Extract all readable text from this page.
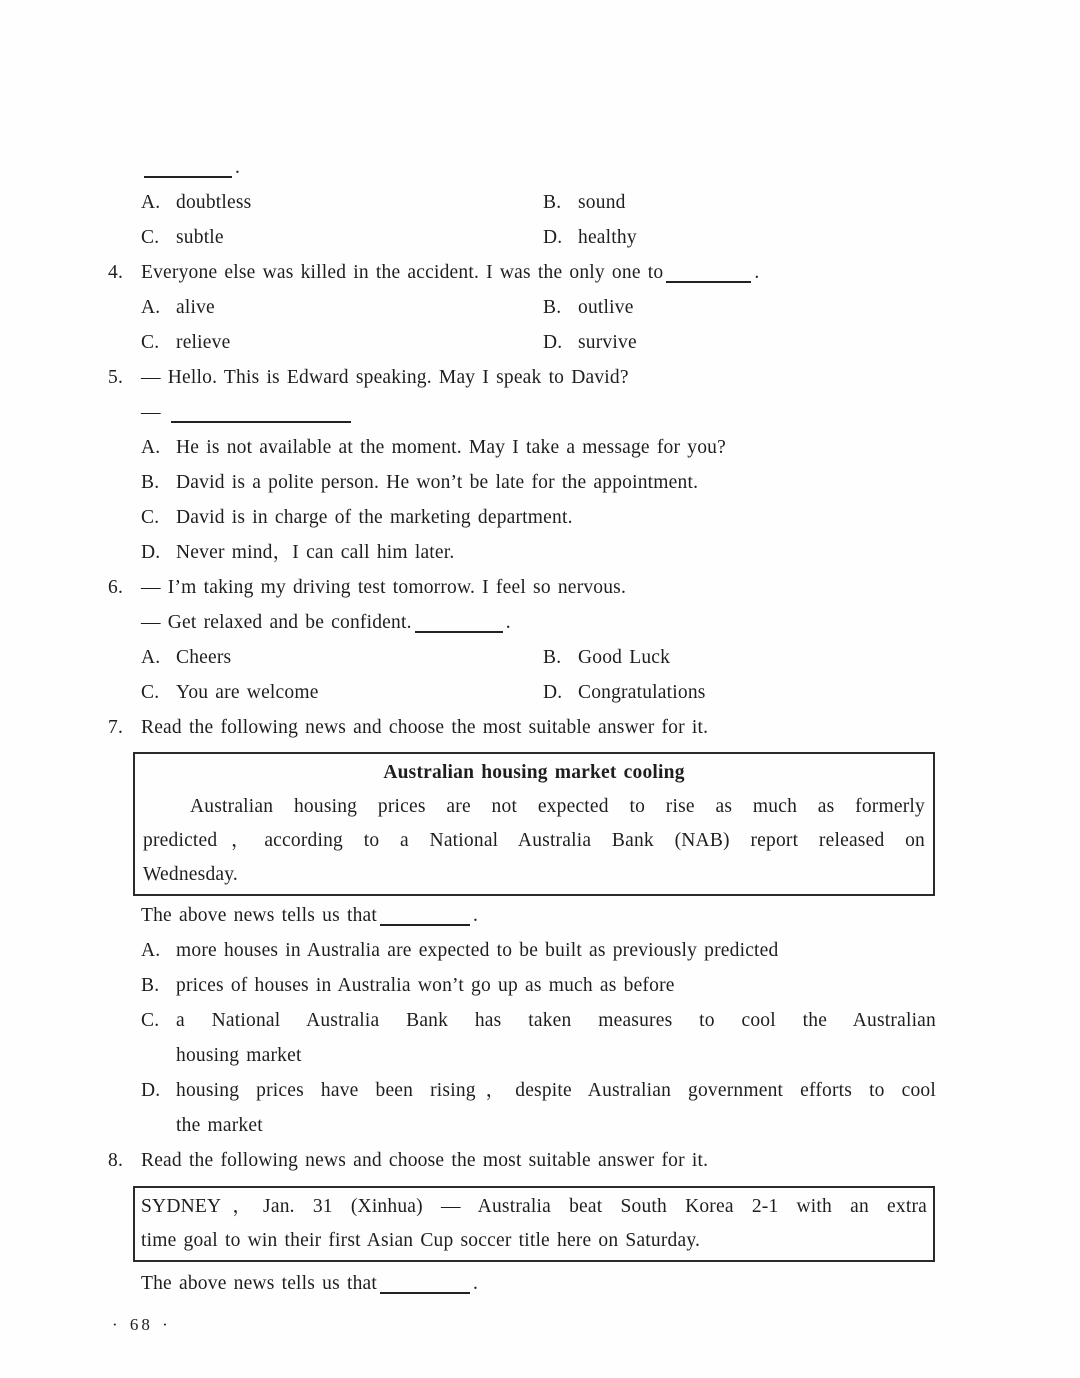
.
A. doubtless	B. sound
C. subtle	D. healthy
4. Everyone else was killed in the accident. I was the only one to	.
A. alive	B. outlive
C. relieve	D. survive
5. — Hello. This is Edward speaking. May I speak to David?
—
A. He is not available at the moment. May I take a message for you?
B. David is a polite person. He won’t be late for the appointment.
C. David is in charge of the marketing department.
D. Never mind，I can call him later.
6. — I’m taking my driving test tomorrow. I feel so nervous.
— Get relaxed and be confident.	.
A. Cheers	B. Good Luck
C. You are welcome	D. Congratulations
7. Read the following news and choose the most suitable answer for it.
Australian housing market cooling
Australian housing prices are not expected to rise as much as formerly
predicted，according to a National Australia Bank (NAB) report released on
Wednesday.
The above news tells us that	.
A. more houses in Australia are expected to be built as previously predicted
B. prices of houses in Australia won’t go up as much as before
C. a National Australia Bank has taken measures to cool the Australian
housing market
D. housing prices have been rising，despite Australian government efforts to cool
the market
8. Read the following news and choose the most suitable answer for it.
SYDNEY，Jan. 31 (Xinhua) — Australia beat South Korea 2-1 with an extra
time goal to win their first Asian Cup soccer title here on Saturday.
The above news tells us that	.
· 68 ·
